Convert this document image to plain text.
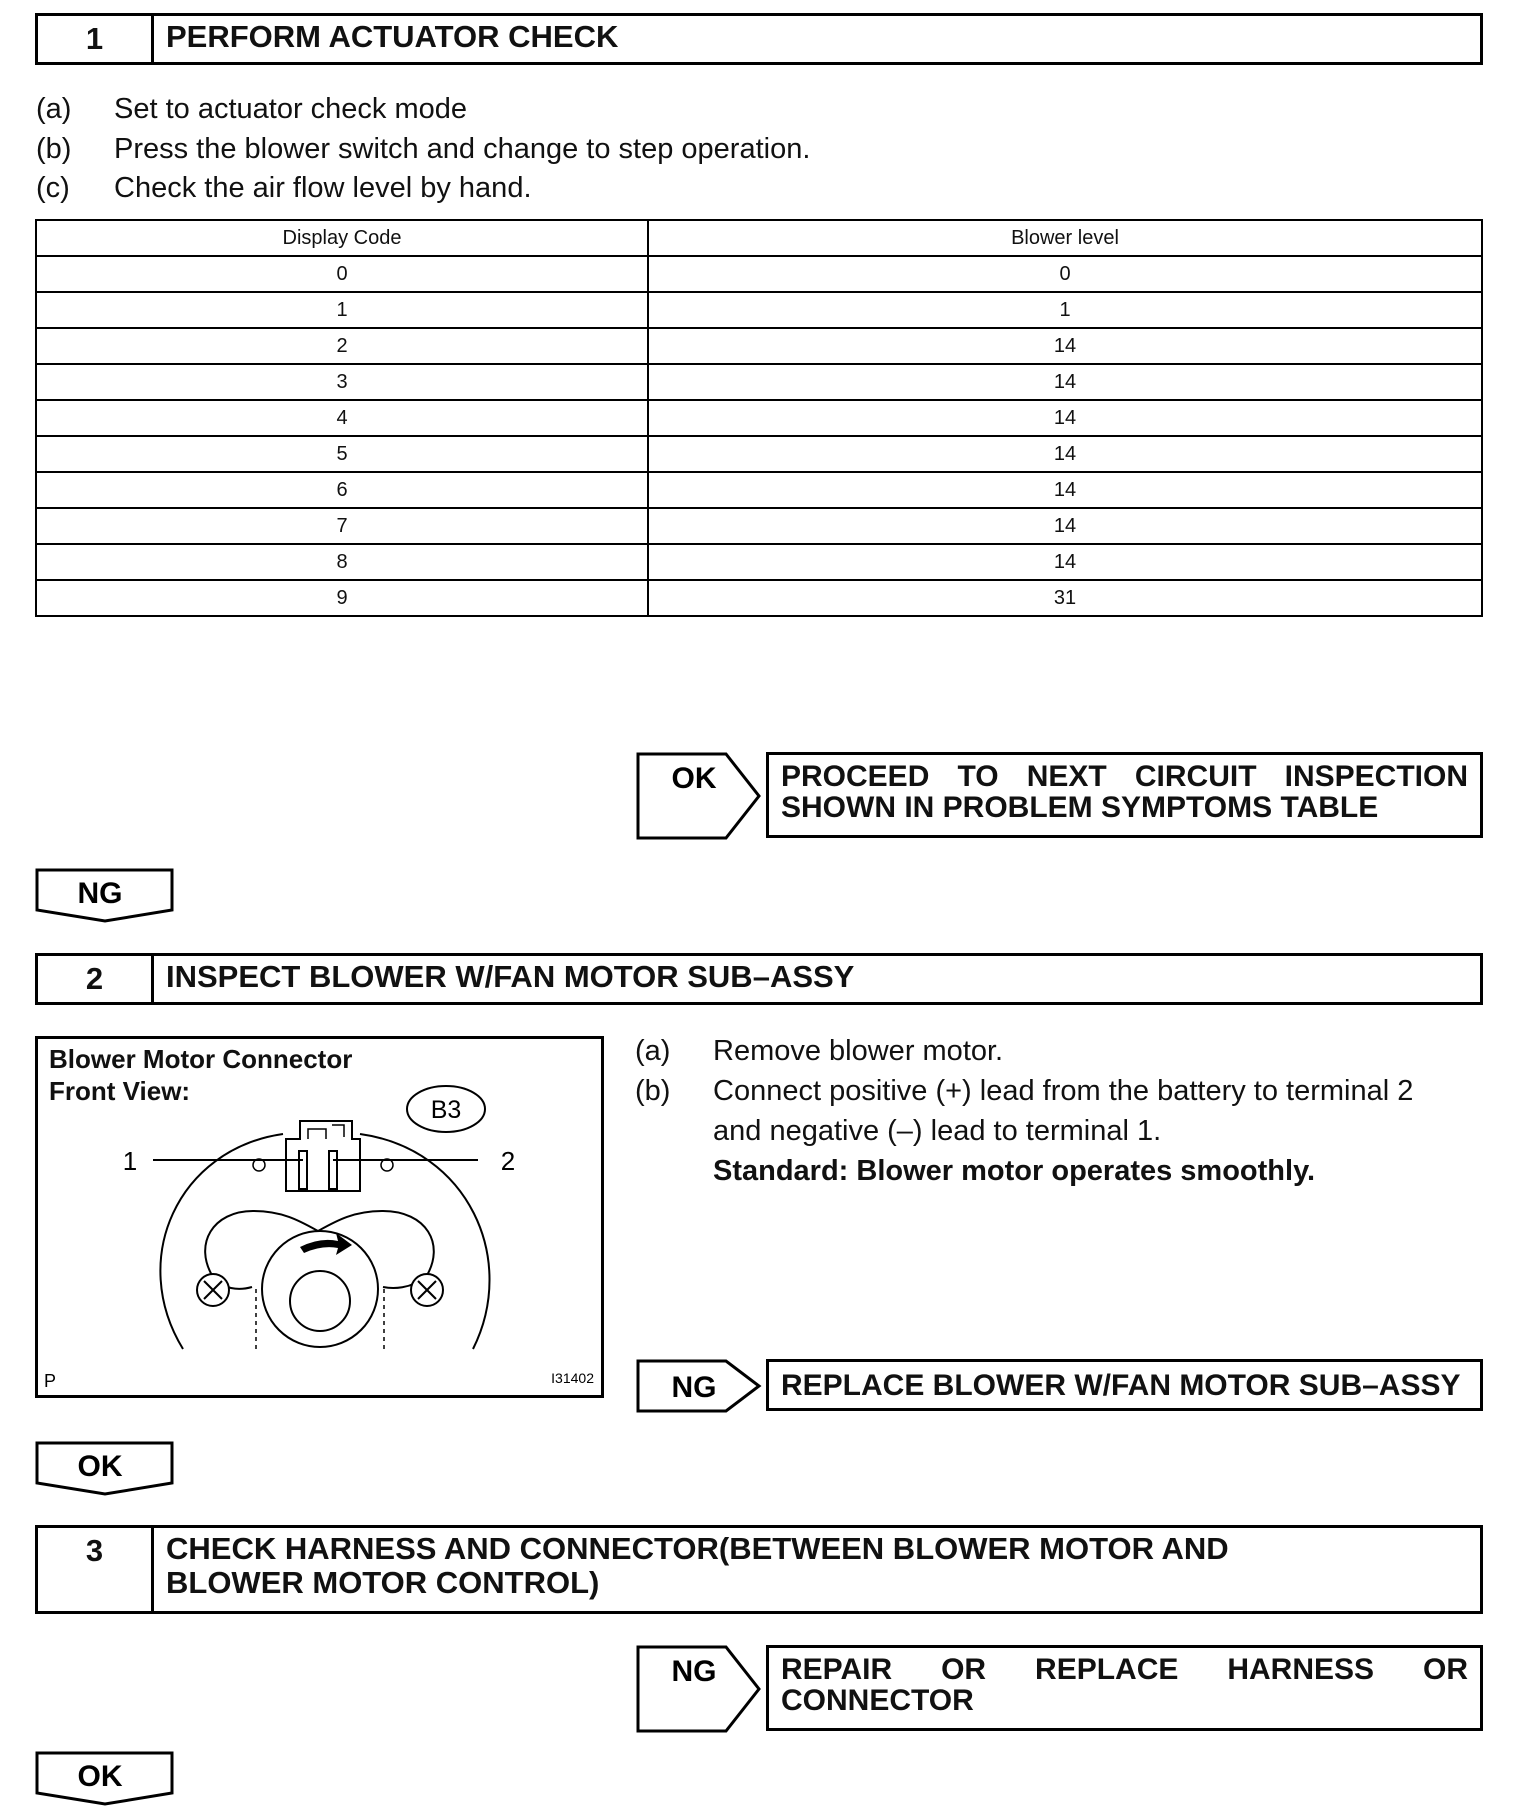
1	PERFORM ACTUATOR CHECK
(a) Set to actuator check mode
(b) Press the blower switch and change to step operation.
(c) Check the air flow level by hand.
Display Code	Blower level
0	0
1	1
2	14
3	14
4	14
5	14
6	14
7	14
8	14
9	31
OK PROCEED TO NEXT CIRCUIT INSPECTION
SHOWN IN PROBLEM SYMPTOMS TABLE
NG
2	INSPECT BLOWER W/FAN MOTOR SUB–ASSY
Blower Motor Connector
Front View:
B3
1	2
P	I31402
(a) Remove blower motor.
(b) Connect positive (+) lead from the battery to terminal 2
and negative (–) lead to terminal 1.
Standard: Blower motor operates smoothly.
NG REPLACE BLOWER W/FAN MOTOR SUB–ASSY
OK
3	CHECK HARNESS AND CONNECTOR(BETWEEN BLOWER MOTOR AND
BLOWER MOTOR CONTROL)
NG REPAIR OR REPLACE HARNESS OR
CONNECTOR
OK
